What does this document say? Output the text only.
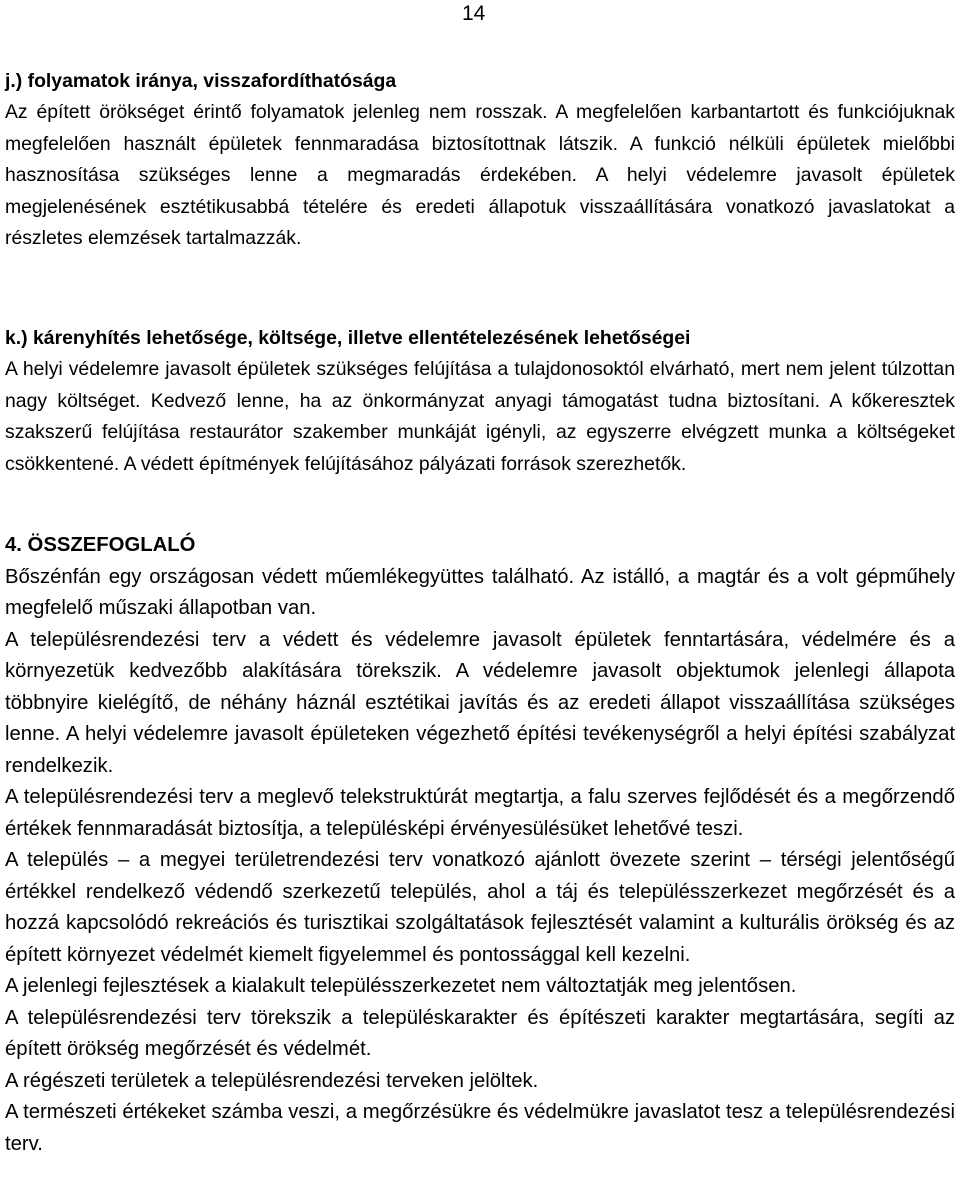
14

j.) folyamatok iránya, visszafordíthatósága

Az épített örökséget érintő folyamatok jelenleg nem rosszak. A megfelelően karbantartott és funkciójuknak megfelelően használt épületek fennmaradása biztosítottnak látszik. A funkció nélküli épületek mielőbbi hasznosítása szükséges lenne a megmaradás érdekében. A helyi védelemre javasolt épületek megjelenésének esztétikusabbá tételére és eredeti állapotuk visszaállítására vonatkozó javaslatokat a részletes elemzések tartalmazzák.

k.) kárenyhítés lehetősége, költsége, illetve ellentételezésének lehetőségei

A helyi védelemre javasolt épületek szükséges felújítása a tulajdonosoktól elvárható, mert nem jelent túlzottan nagy költséget. Kedvező lenne, ha az önkormányzat anyagi támogatást tudna biztosítani. A kőkeresztek szakszerű felújítása restaurátor szakember munkáját igényli, az egyszerre elvégzett munka a költségeket csökkentené. A védett építmények felújításához pályázati források szerezhetők.

4. ÖSSZEFOGLALÓ

Bőszénfán egy országosan védett műemlékegyüttes található. Az istálló, a magtár és a volt gépműhely megfelelő műszaki állapotban van.

A településrendezési terv a védett és védelemre javasolt épületek fenntartására, védelmére és a környezetük kedvezőbb alakítására törekszik. A védelemre javasolt objektumok jelenlegi állapota többnyire kielégítő, de néhány háznál esztétikai javítás és az eredeti állapot visszaállítása szükséges lenne. A helyi védelemre javasolt épületeken végezhető építési tevékenységről a helyi építési szabályzat rendelkezik.

A településrendezési terv a meglevő telekstruktúrát megtartja, a falu szerves fejlődését és a megőrzendő értékek fennmaradását biztosítja, a településképi érvényesülésüket lehetővé teszi.

A település – a megyei területrendezési terv vonatkozó ajánlott övezete szerint – térségi jelentőségű értékkel rendelkező védendő szerkezetű település, ahol a táj és településszerkezet megőrzését és a hozzá kapcsolódó rekreációs és turisztikai szolgáltatások fejlesztését valamint a kulturális örökség és az épített környezet védelmét kiemelt figyelemmel és pontossággal kell kezelni.

A jelenlegi fejlesztések a kialakult településszerkezetet nem változtatják meg jelentősen.

A településrendezési terv törekszik a településkarakter és építészeti karakter megtartására, segíti az épített örökség megőrzését és védelmét.

A régészeti területek a településrendezési terveken jelöltek.

A természeti értékeket számba veszi, a megőrzésükre és védelmükre javaslatot tesz a településrendezési terv.
